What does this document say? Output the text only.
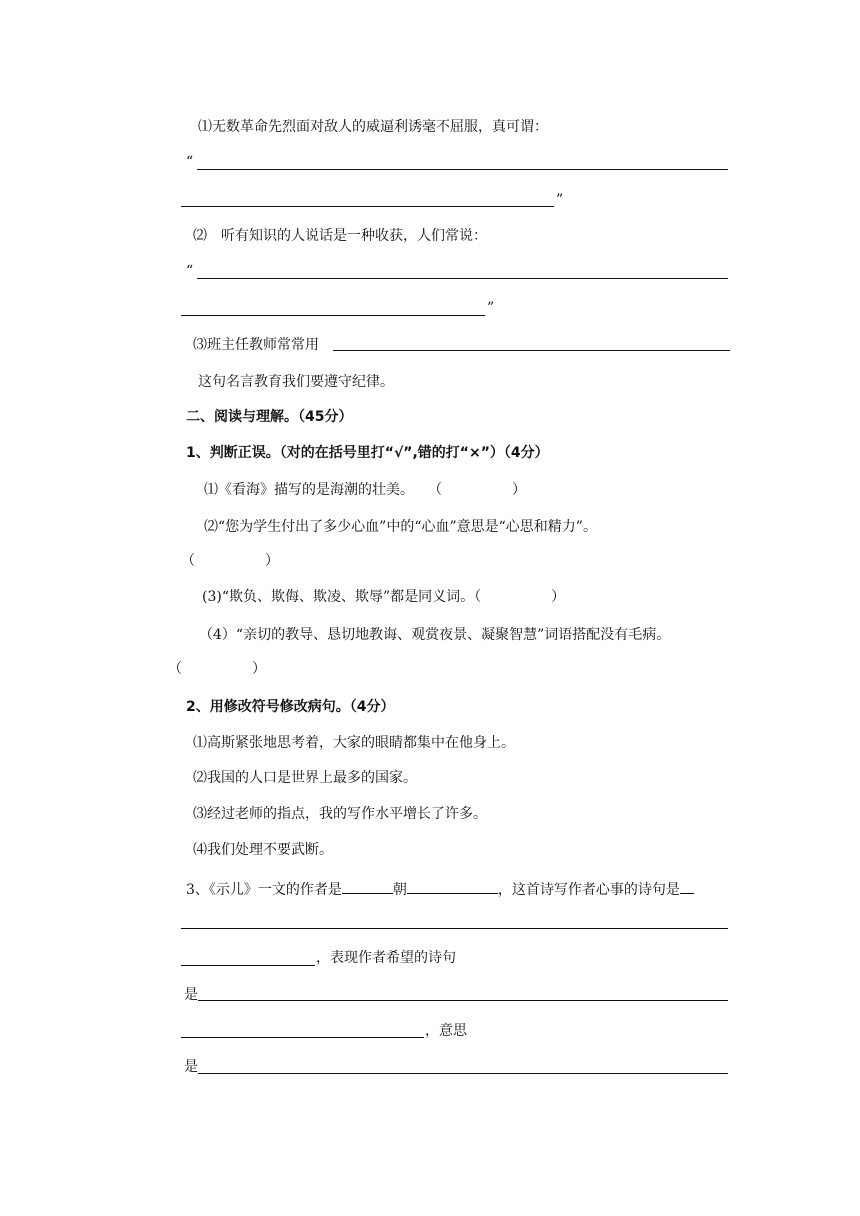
⑴无数革命先烈面对敌人的威逼利诱毫不屈服，真可谓：
“
”
⑵　听有知识的人说话是一种收获，人们常说：
“
”
⑶班主任教师常常用
这句名言教育我们要遵守纪律。
二、阅读与理解。（45分）
1、判断正误。（对的在括号里打“√”,错的打“×”）（4分）
⑴《看海》描写的是海潮的壮美。　　（　　　　　）
⑵“您为学生付出了多少心血”中的“心血”意思是“心思和精力”。
（　　　　　）
(3)“欺负、欺侮、欺凌、欺辱”都是同义词。（　　　　　）
（4）“亲切的教导、恳切地教诲、观赏夜景、凝聚智慧”词语搭配没有毛病。
（　　　　　）
2、用修改符号修改病句。（4分）
⑴高斯紧张地思考着，大家的眼睛都集中在他身上。
⑵我国的人口是世界上最多的国家。
⑶经过老师的指点，我的写作水平增长了许多。
⑷我们处理不要武断。
3、《示儿》一文的作者是	朝	，这首诗写作者心事的诗句是
，表现作者希望的诗句
是
，意思
是
